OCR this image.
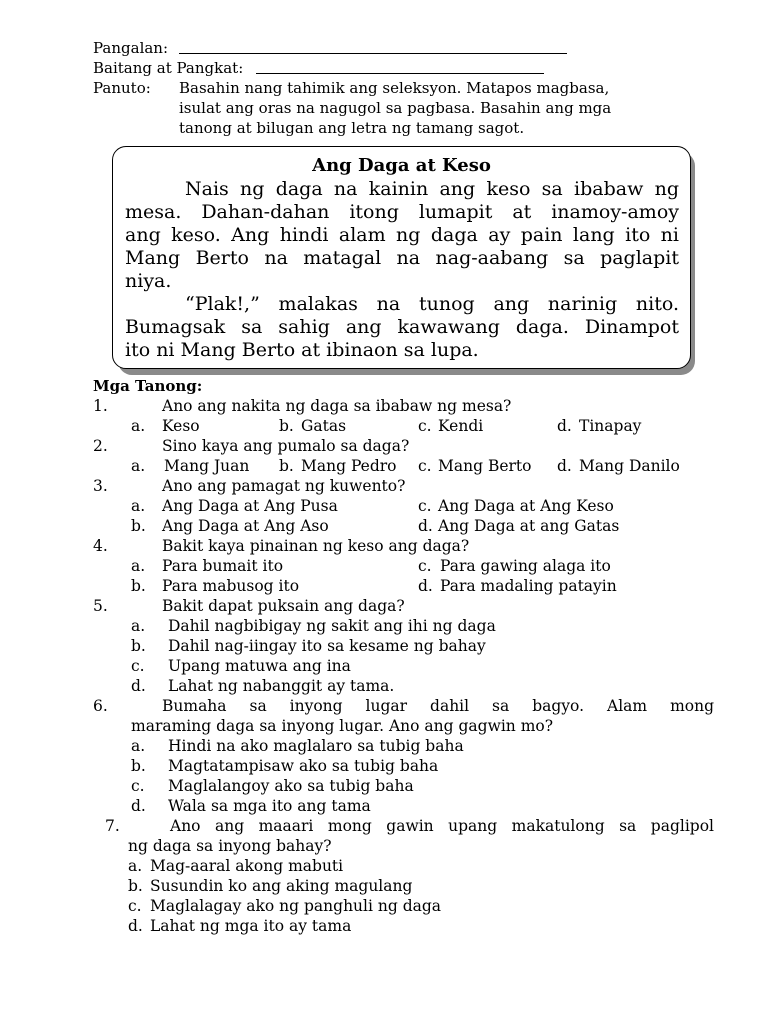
Pangalan:
Baitang at Pangkat:
Panuto: Basahin nang tahimik ang seleksyon. Matapos magbasa,
isulat ang oras na nagugol sa pagbasa. Basahin ang mga
tanong at bilugan ang letra ng tamang sagot.
Ang Daga at Keso
Nais ng daga na kainin ang keso sa ibabaw ng
mesa. Dahan-dahan itong lumapit at inamoy-amoy
ang keso. Ang hindi alam ng daga ay pain lang ito ni
Mang Berto na matagal na nag-aabang sa paglapit
niya.
“Plak!,” malakas na tunog ang narinig nito.
Bumagsak sa sahig ang kawawang daga. Dinampot
ito ni Mang Berto at ibinaon sa lupa.
Mga Tanong:
1.	Ano ang nakita ng daga sa ibabaw ng mesa?
a. Keso	b. Gatas	c. Kendi	d. Tinapay
2.	Sino kaya ang pumalo sa daga?
a. Mang Juan b. Mang Pedro c. Mang Berto d. Mang Danilo
3.	Ano ang pamagat ng kuwento?
a. Ang Daga at Ang Pusa	c. Ang Daga at Ang Keso
b. Ang Daga at Ang Aso	d. Ang Daga at ang Gatas
4.	Bakit kaya pinainan ng keso ang daga?
a. Para bumait ito	c. Para gawing alaga ito
b. Para mabusog ito	d. Para madaling patayin
5.	Bakit dapat puksain ang daga?
a. Dahil nagbibigay ng sakit ang ihi ng daga
b. Dahil nag-iingay ito sa kesame ng bahay
c. Upang matuwa ang ina
d. Lahat ng nabanggit ay tama.
6.	Bumaha sa inyong lugar dahil sa bagyo. Alam mong
maraming daga sa inyong lugar. Ano ang gagwin mo?
a. Hindi na ako maglalaro sa tubig baha
b. Magtatampisaw ako sa tubig baha
c. Maglalangoy ako sa tubig baha
d. Wala sa mga ito ang tama
7.	Ano ang maaari mong gawin upang makatulong sa paglipol
ng daga sa inyong bahay?
a. Mag-aaral akong mabuti
b. Susundin ko ang aking magulang
c. Maglalagay ako ng panghuli ng daga
d. Lahat ng mga ito ay tama
